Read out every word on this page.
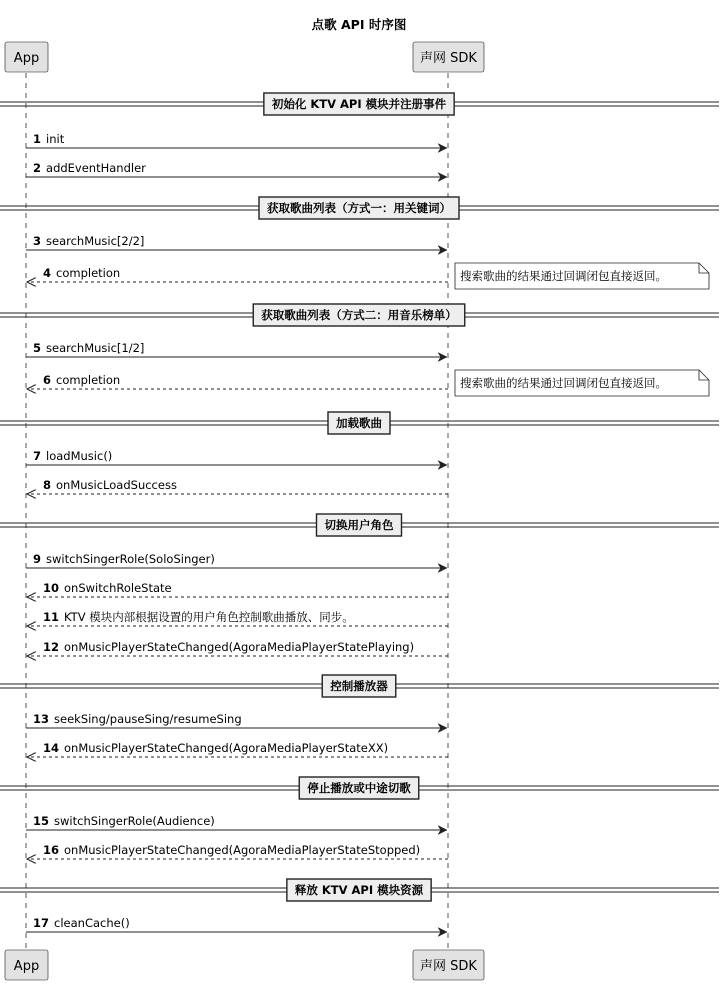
点歌 API 时序图
App	声网 SDK
App	声网 SDK
初始化 KTV API 模块并注册事件
1 init
2 addEventHandler
获取歌曲列表（方式一：用关键词）
3 searchMusic[2/2]
4 completion	搜索歌曲的结果通过回调闭包直接返回。
获取歌曲列表（方式二：用音乐榜单）
5 searchMusic[1/2]
6 completion	搜索歌曲的结果通过回调闭包直接返回。
加载歌曲
7 loadMusic()
8 onMusicLoadSuccess
切换用户角色
9 switchSingerRole(SoloSinger)
10 onSwitchRoleState
11 KTV 模块内部根据设置的用户角色控制歌曲播放、同步。
12 onMusicPlayerStateChanged(AgoraMediaPlayerStatePlaying)
控制播放器
13 seekSing/pauseSing/resumeSing
14 onMusicPlayerStateChanged(AgoraMediaPlayerStateXX)
停止播放或中途切歌
15 switchSingerRole(Audience)
16 onMusicPlayerStateChanged(AgoraMediaPlayerStateStopped)
释放 KTV API 模块资源
17 cleanCache()
